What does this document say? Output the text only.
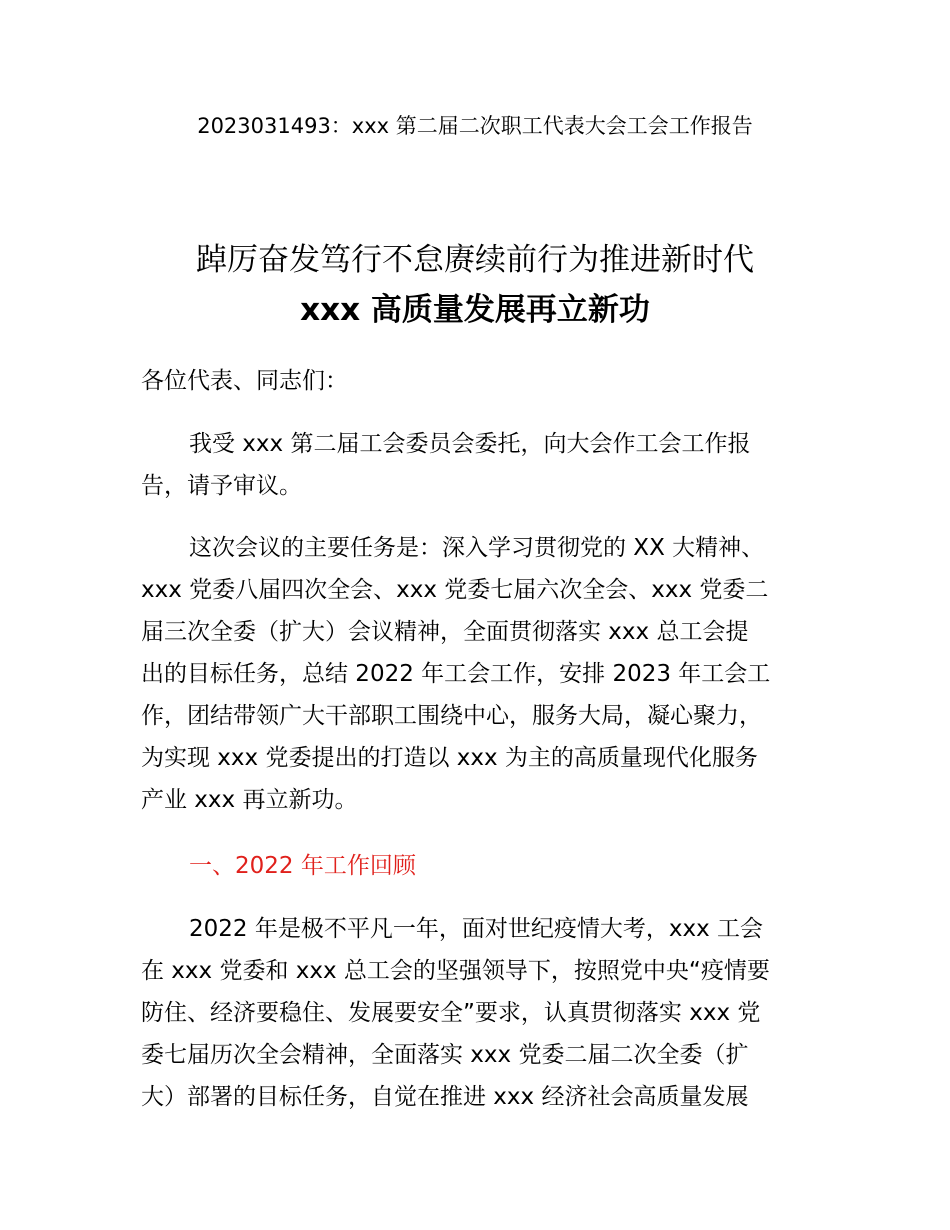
2023031493：xxx 第二届二次职工代表大会工会工作报告
踔厉奋发笃行不怠赓续前行为推进新时代
xxx 高质量发展再立新功
各位代表、同志们：
我受 xxx 第二届工会委员会委托，向大会作工会工作报
告，请予审议。
这次会议的主要任务是：深入学习贯彻党的 XX 大精神、
xxx 党委八届四次全会、xxx 党委七届六次全会、xxx 党委二
届三次全委（扩大）会议精神，全面贯彻落实 xxx 总工会提
出的目标任务，总结 2022 年工会工作，安排 2023 年工会工
作，团结带领广大干部职工围绕中心，服务大局，凝心聚力，
为实现 xxx 党委提出的打造以 xxx 为主的高质量现代化服务
产业 xxx 再立新功。
一、2022 年工作回顾
2022 年是极不平凡一年，面对世纪疫情大考，xxx 工会
在 xxx 党委和 xxx 总工会的坚强领导下，按照党中央“疫情要
防住、经济要稳住、发展要安全”要求，认真贯彻落实 xxx 党
委七届历次全会精神，全面落实 xxx 党委二届二次全委（扩
大）部署的目标任务，自觉在推进 xxx 经济社会高质量发展
